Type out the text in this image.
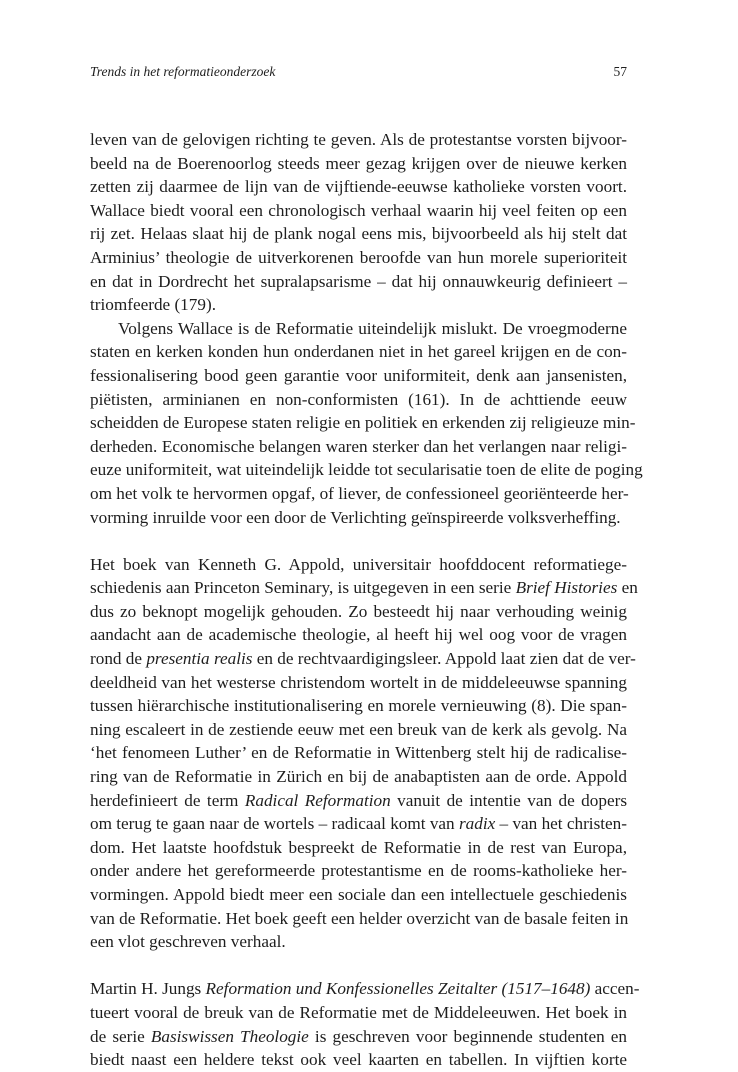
Trends in het reformatieonderzoek	57
leven van de gelovigen richting te geven. Als de protestantse vorsten bijvoor-
beeld na de Boerenoorlog steeds meer gezag krijgen over de nieuwe kerken
zetten zij daarmee de lijn van de vijftiende-eeuwse katholieke vorsten voort.
Wallace biedt vooral een chronologisch verhaal waarin hij veel feiten op een
rij zet. Helaas slaat hij de plank nogal eens mis, bijvoorbeeld als hij stelt dat
Arminius’ theologie de uitverkorenen beroofde van hun morele superioriteit
en dat in Dordrecht het supralapsarisme – dat hij onnauwkeurig definieert –
triomfeerde (179).
Volgens Wallace is de Reformatie uiteindelijk mislukt. De vroegmoderne
staten en kerken konden hun onderdanen niet in het gareel krijgen en de con-
fessionalisering bood geen garantie voor uniformiteit, denk aan jansenisten,
piëtisten, arminianen en non-conformisten (161). In de achttiende eeuw
scheidden de Europese staten religie en politiek en erkenden zij religieuze min-
derheden. Economische belangen waren sterker dan het verlangen naar religi-
euze uniformiteit, wat uiteindelijk leidde tot secularisatie toen de elite de poging
om het volk te hervormen opgaf, of liever, de confessioneel georiënteerde her-
vorming inruilde voor een door de Verlichting geïnspireerde volksverheffing.
Het boek van Kenneth G. Appold, universitair hoofddocent reformatiege-
schiedenis aan Princeton Seminary, is uitgegeven in een serie Brief Histories en
dus zo beknopt mogelijk gehouden. Zo besteedt hij naar verhouding weinig
aandacht aan de academische theologie, al heeft hij wel oog voor de vragen
rond de presentia realis en de rechtvaardigingsleer. Appold laat zien dat de ver-
deeldheid van het westerse christendom wortelt in de middeleeuwse spanning
tussen hiërarchische institutionalisering en morele vernieuwing (8). Die span-
ning escaleert in de zestiende eeuw met een breuk van de kerk als gevolg. Na
‘het fenomeen Luther’ en de Reformatie in Wittenberg stelt hij de radicalise-
ring van de Reformatie in Zürich en bij de anabaptisten aan de orde. Appold
herdefinieert de term Radical Reformation vanuit de intentie van de dopers
om terug te gaan naar de wortels – radicaal komt van radix – van het christen-
dom. Het laatste hoofdstuk bespreekt de Reformatie in de rest van Europa,
onder andere het gereformeerde protestantisme en de rooms-katholieke her-
vormingen. Appold biedt meer een sociale dan een intellectuele geschiedenis
van de Reformatie. Het boek geeft een helder overzicht van de basale feiten in
een vlot geschreven verhaal.
Martin H. Jungs Reformation und Konfessionelles Zeitalter (1517–1648) accen-
tueert vooral de breuk van de Reformatie met de Middeleeuwen. Het boek in
de serie Basiswissen Theologie is geschreven voor beginnende studenten en
biedt naast een heldere tekst ook veel kaarten en tabellen. In vijftien korte
